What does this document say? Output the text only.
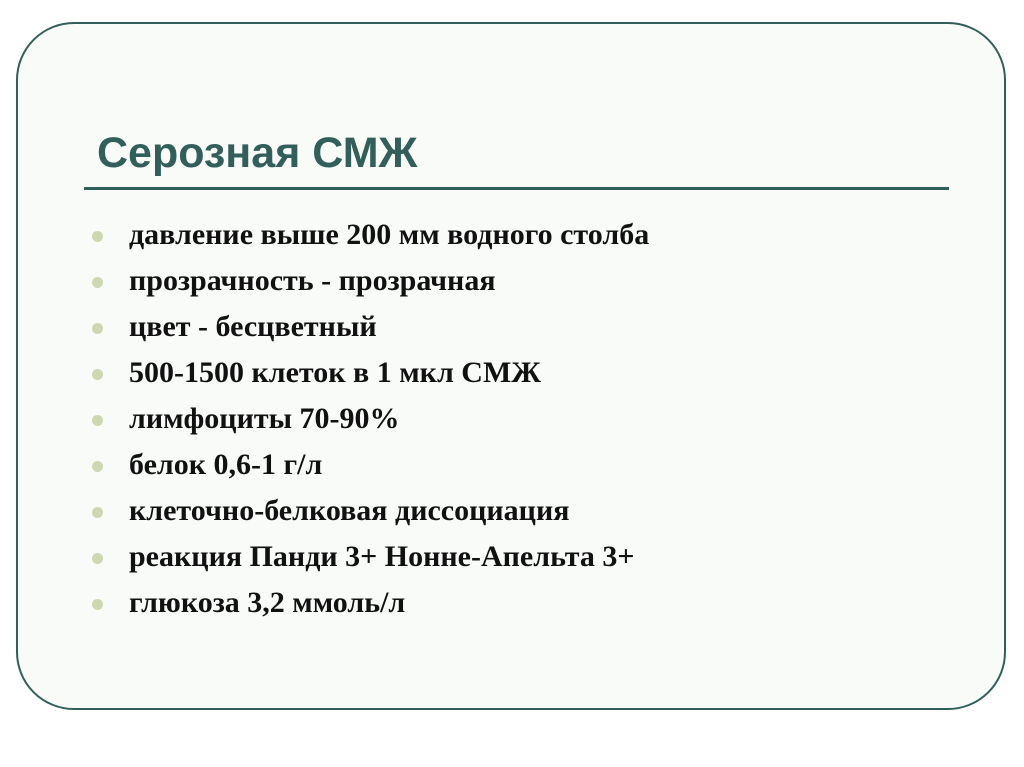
Серозная СМЖ
давление выше 200 мм водного столба
прозрачность - прозрачная
цвет - бесцветный
500-1500 клеток в 1 мкл СМЖ
лимфоциты 70-90%
белок 0,6-1 г/л
клеточно-белковая диссоциация
реакция Панди 3+ Нонне-Апельта 3+
глюкоза 3,2 ммоль/л
